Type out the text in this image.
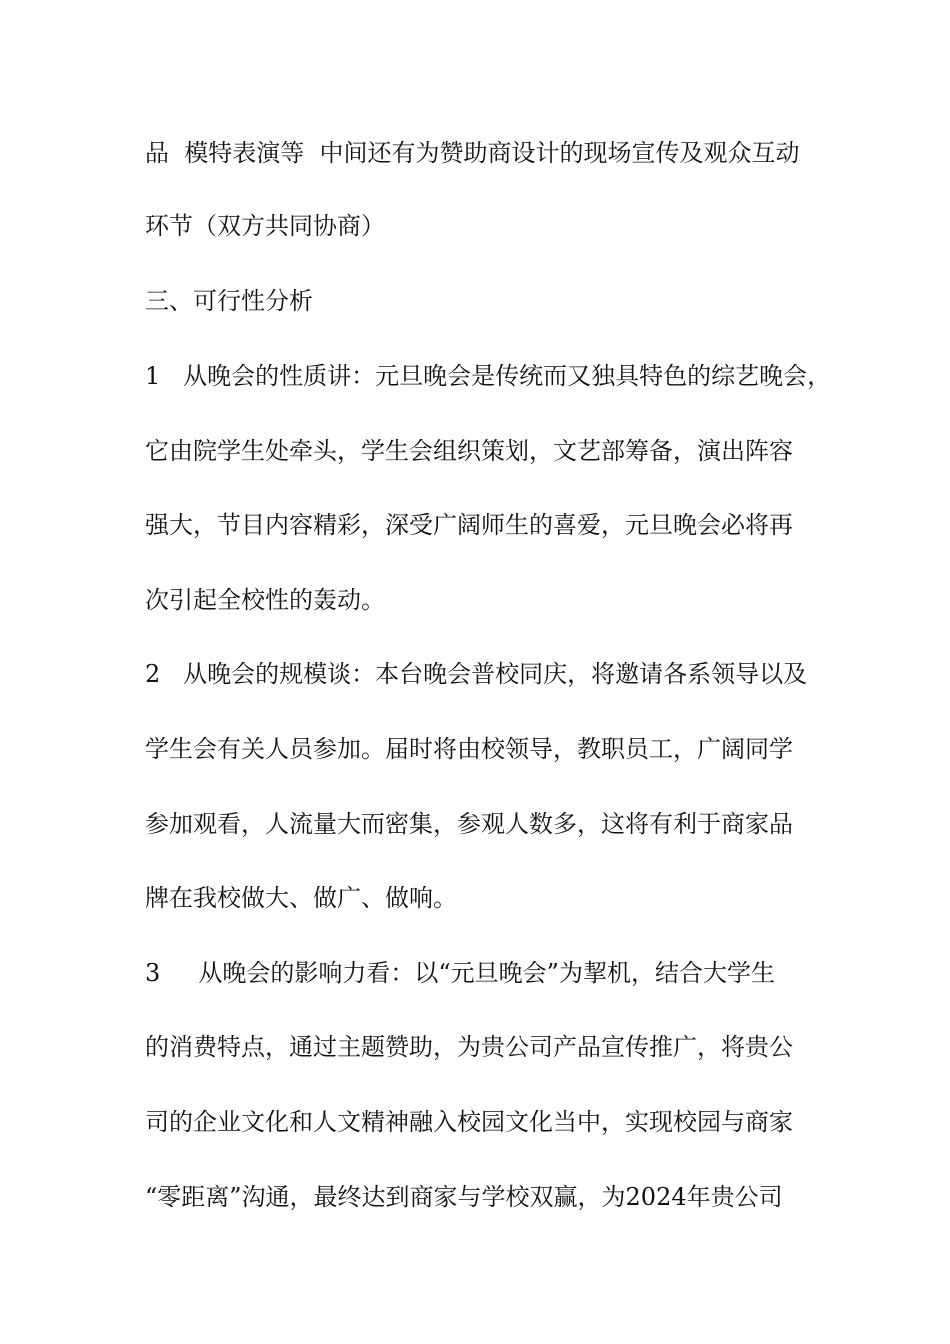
品  模特表演等  中间还有为赞助商设计的现场宣传及观众互动
环节（双方共同协商）
三、可行性分析
1   从晚会的性质讲：元旦晚会是传统而又独具特色的综艺晚会，
它由院学生处牵头，学生会组织策划，文艺部筹备，演出阵容
强大，节目内容精彩，深受广阔师生的喜爱，元旦晚会必将再
次引起全校性的轰动。
2   从晚会的规模谈：本台晚会普校同庆，将邀请各系领导以及
学生会有关人员参加。届时将由校领导，教职员工，广阔同学
参加观看，人流量大而密集，参观人数多，这将有利于商家品
牌在我校做大、做广、做响。
3     从晚会的影响力看：以“元旦晚会”为挈机，结合大学生
的消费特点，通过主题赞助，为贵公司产品宣传推广，将贵公
司的企业文化和人文精神融入校园文化当中，实现校园与商家
“零距离”沟通，最终达到商家与学校双赢，为2024年贵公司
